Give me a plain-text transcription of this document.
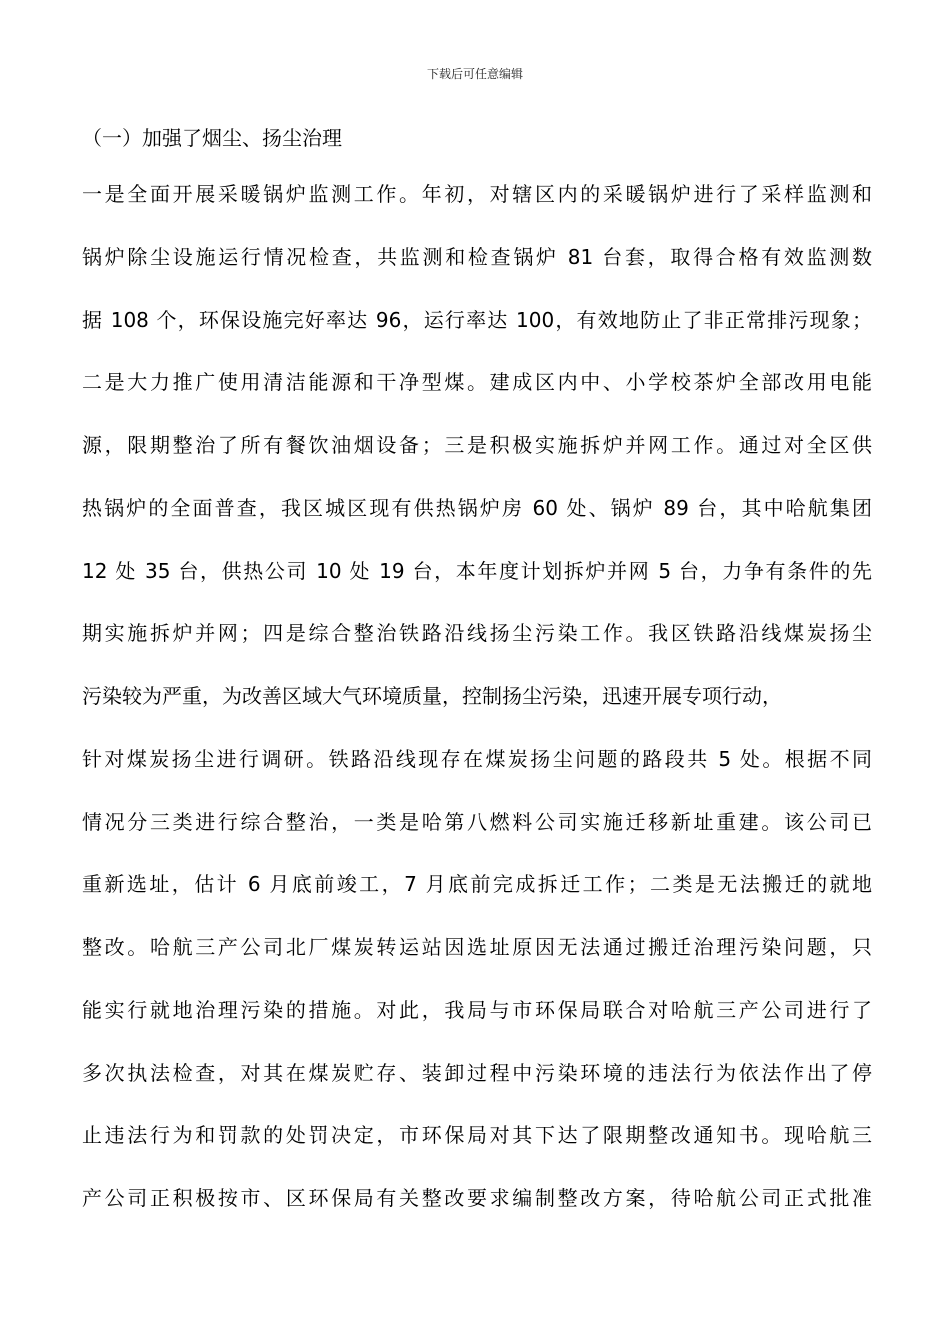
下载后可任意编辑
（一）加强了烟尘、扬尘治理
一是全面开展采暖锅炉监测工作。年初，对辖区内的采暖锅炉进行了采样监测和
锅炉除尘设施运行情况检查，共监测和检查锅炉 81 台套，取得合格有效监测数
据 108 个，环保设施完好率达 96，运行率达 100，有效地防止了非正常排污现象；
二是大力推广使用清洁能源和干净型煤。建成区内中、小学校茶炉全部改用电能
源，限期整治了所有餐饮油烟设备；三是积极实施拆炉并网工作。通过对全区供
热锅炉的全面普查，我区城区现有供热锅炉房 60 处、锅炉 89 台，其中哈航集团
12 处 35 台，供热公司 10 处 19 台，本年度计划拆炉并网 5 台，力争有条件的先
期实施拆炉并网；四是综合整治铁路沿线扬尘污染工作。我区铁路沿线煤炭扬尘
污染较为严重，为改善区域大气环境质量，控制扬尘污染，迅速开展专项行动，
针对煤炭扬尘进行调研。铁路沿线现存在煤炭扬尘问题的路段共 5 处。根据不同
情况分三类进行综合整治，一类是哈第八燃料公司实施迁移新址重建。该公司已
重新选址，估计 6 月底前竣工，7 月底前完成拆迁工作；二类是无法搬迁的就地
整改。哈航三产公司北厂煤炭转运站因选址原因无法通过搬迁治理污染问题，只
能实行就地治理污染的措施。对此，我局与市环保局联合对哈航三产公司进行了
多次执法检查，对其在煤炭贮存、装卸过程中污染环境的违法行为依法作出了停
止违法行为和罚款的处罚决定，市环保局对其下达了限期整改通知书。现哈航三
产公司正积极按市、区环保局有关整改要求编制整改方案，待哈航公司正式批准
